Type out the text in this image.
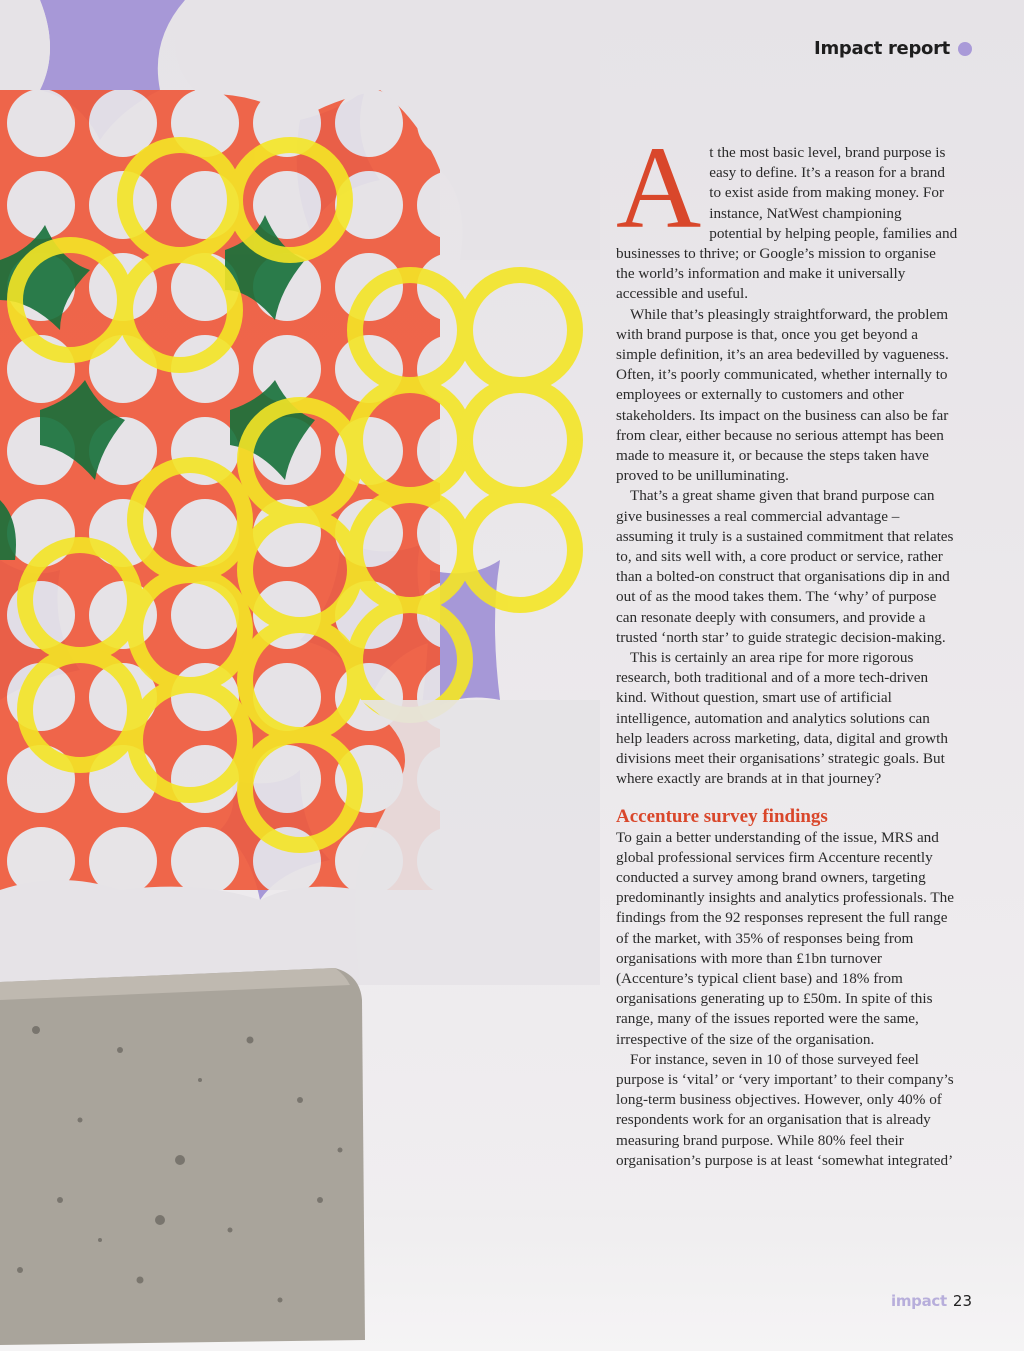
Impact report
A t the most basic level, brand purpose is easy to define. It’s a reason for a brand to exist aside from making money. For instance, NatWest championing potential by helping people, families and businesses to thrive; or Google’s mission to organise the world’s information and make it universally accessible and useful.

While that’s pleasingly straightforward, the problem with brand purpose is that, once you get beyond a simple definition, it’s an area bedevilled by vagueness. Often, it’s poorly communicated, whether internally to employees or externally to customers and other stakeholders. Its impact on the business can also be far from clear, either because no serious attempt has been made to measure it, or because the steps taken have proved to be unilluminating.

That’s a great shame given that brand purpose can give businesses a real commercial advantage – assuming it truly is a sustained commitment that relates to, and sits well with, a core product or service, rather than a bolted-on construct that organisations dip in and out of as the mood takes them. The ‘why’ of purpose can resonate deeply with consumers, and provide a trusted ‘north star’ to guide strategic decision-making.

This is certainly an area ripe for more rigorous research, both traditional and of a more tech-driven kind. Without question, smart use of artificial intelligence, automation and analytics solutions can help leaders across marketing, data, digital and growth divisions meet their organisations’ strategic goals. But where exactly are brands at in that journey?

Accenture survey findings

To gain a better understanding of the issue, MRS and global professional services firm Accenture recently conducted a survey among brand owners, targeting predominantly insights and analytics professionals. The findings from the 92 responses represent the full range of the market, with 35% of responses being from organisations with more than £1bn turnover (Accenture’s typical client base) and 18% from organisations generating up to £50m. In spite of this range, many of the issues reported were the same, irrespective of the size of the organisation.

For instance, seven in 10 of those surveyed feel purpose is ‘vital’ or ‘very important’ to their company’s long-term business objectives. However, only 40% of respondents work for an organisation that is already measuring brand purpose. While 80% feel their organisation’s purpose is at least ‘somewhat integrated’

impact 23
